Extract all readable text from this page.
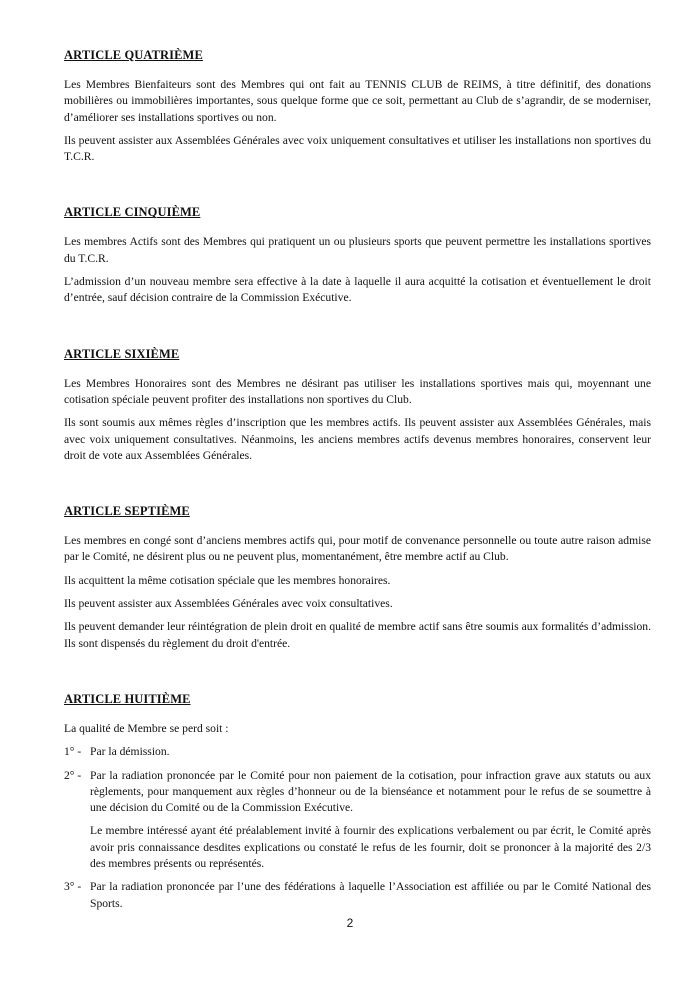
ARTICLE QUATRIÈME

Les Membres Bienfaiteurs sont des Membres qui ont fait au TENNIS CLUB de REIMS, à titre définitif, des donations mobilières ou immobilières importantes, sous quelque forme que ce soit, permettant au Club de s’agrandir, de se moderniser, d’améliorer ses installations sportives ou non.

Ils peuvent assister aux Assemblées Générales avec voix uniquement consultatives et utiliser les installations non sportives du T.C.R.

ARTICLE CINQUIÈME

Les membres Actifs sont des Membres qui pratiquent un ou plusieurs sports que peuvent permettre les installations sportives du T.C.R.

L’admission d’un nouveau membre sera effective à la date à laquelle il aura acquitté la cotisation et éventuellement le droit d’entrée, sauf décision contraire de la Commission Exécutive.

ARTICLE SIXIÈME

Les Membres Honoraires sont des Membres ne désirant pas utiliser les installations sportives mais qui, moyennant une cotisation spéciale peuvent profiter des installations non sportives du Club.

Ils sont soumis aux mêmes règles d’inscription que les membres actifs. Ils peuvent assister aux Assemblées Générales, mais avec voix uniquement consultatives. Néanmoins, les anciens membres actifs devenus membres honoraires, conservent leur droit de vote aux Assemblées Générales.

ARTICLE SEPTIÈME

Les membres en congé sont d’anciens membres actifs qui, pour motif de convenance personnelle ou toute autre raison admise par le Comité, ne désirent plus ou ne peuvent plus, momentanément, être membre actif au Club.

Ils acquittent la même cotisation spéciale que les membres honoraires.

Ils peuvent assister aux Assemblées Générales avec voix consultatives.

Ils peuvent demander leur réintégration de plein droit en qualité de membre actif sans être soumis aux formalités d’admission. Ils sont dispensés du règlement du droit d'entrée.

ARTICLE HUITIÈME

La qualité de Membre se perd soit :

1° - Par la démission.

2° - Par la radiation prononcée par le Comité pour non paiement de la cotisation, pour infraction grave aux statuts ou aux règlements, pour manquement aux règles d’honneur ou de la bienséance et notamment pour le refus de se soumettre à une décision du Comité ou de la Commission Exécutive.

Le membre intéressé ayant été préalablement invité à fournir des explications verbalement ou par écrit, le Comité après avoir pris connaissance desdites explications ou constaté le refus de les fournir, doit se prononcer à la majorité des 2/3 des membres présents ou représentés.

3° - Par la radiation prononcée par l’une des fédérations à laquelle l’Association est affiliée ou par le Comité National des Sports.

2
